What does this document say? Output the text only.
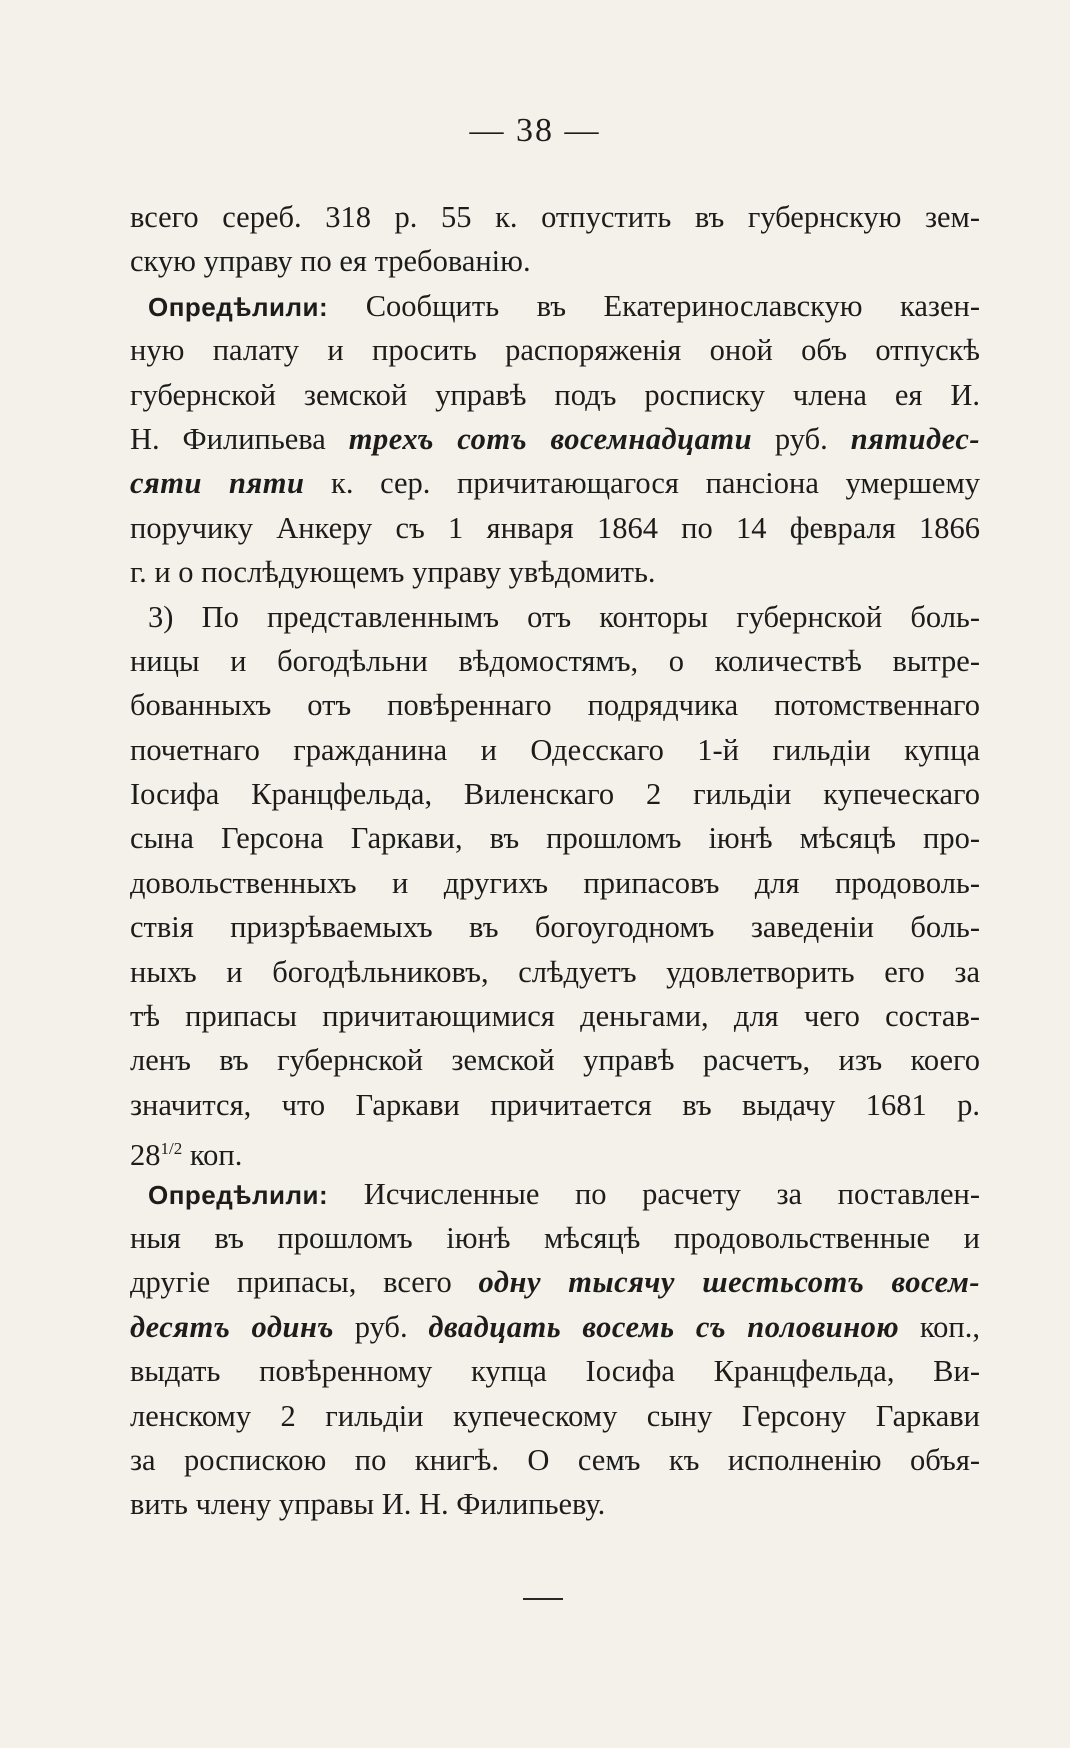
— 38 —
всего сереб. 318 р. 55 к. отпустить въ губернскую зем-
скую управу по ея требованiю.
Опредѣлили: Сообщить въ Екатеринославскую казен-
ную палату и просить распоряженiя оной объ отпускѣ
губернской земской управѣ подъ росписку члена ея И.
Н. Филипьева трехъ сотъ восемнадцати руб. пятидес-
сяти пяти к. сер. причитающагося пансiона умершему
поручику Анкеру съ 1 января 1864 по 14 февраля 1866
г. и о послѣдующемъ управу увѣдомить.
3) По представленнымъ отъ конторы губернской боль-
ницы и богодѣльни вѣдомостямъ, о количествѣ вытре-
бованныхъ отъ повѣреннаго подрядчика потомственнаго
почетнаго гражданина и Одесскаго 1-й гильдiи купца
Iосифа Кранцфельда, Виленскаго 2 гильдiи купеческаго
сына Герсона Гаркави, въ прошломъ iюнѣ мѣсяцѣ про-
довольственныхъ и другихъ припасовъ для продоволь-
ствiя призрѣваемыхъ въ богоугодномъ заведенiи боль-
ныхъ и богодѣльниковъ, слѣдуетъ удовлетворить его за
тѣ припасы причитающимися деньгами, для чего состав-
ленъ въ губернской земской управѣ расчетъ, изъ коего
значится, что Гаркави причитается въ выдачу 1681 р.
$28^{1/2}$ коп.
Опредѣлили: Исчисленные по расчету за поставлен-
ныя въ прошломъ iюнѣ мѣсяцѣ продовольственные и
другiе припасы, всего одну тысячу шестьсотъ восем-
десятъ одинъ руб. двадцать восемь съ половиною коп.,
выдать повѣренному купца Iосифа Кранцфельда, Ви-
ленскому 2 гильдiи купеческому сыну Герсону Гаркави
за роспискою по книгѣ. О семъ къ исполненiю объя-
вить члену управы И. Н. Филипьеву.
